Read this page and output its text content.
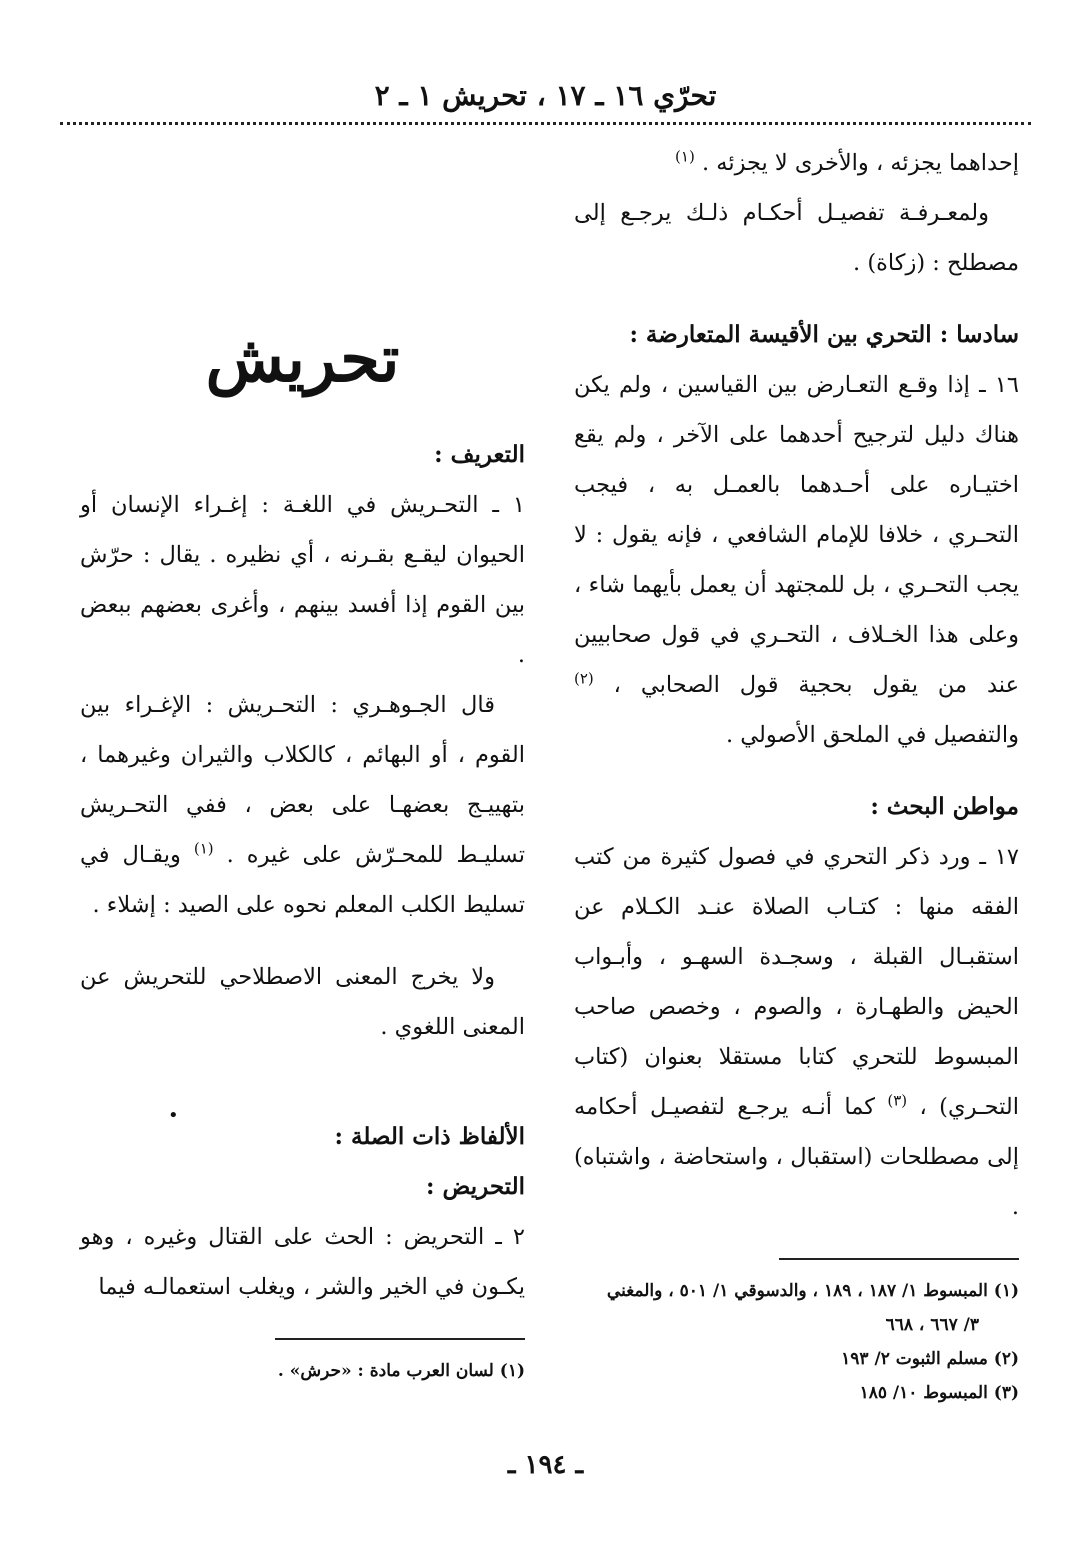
تحرّي ١٦ ـ ١٧ ، تحريش ١ ـ ٢

إحداهما يجزئه ، والأخرى لا يجزئه . $^{(١)}$

ولمعـرفـة تفصيـل أحكـام ذلـك يرجـع إلى مصطلح : (زكاة) .

سادسا : التحري بين الأقيسة المتعارضة :

١٦ ـ إذا وقـع التعـارض بين القياسين ، ولم يكن هناك دليل لترجيح أحدهما على الآخر ، ولم يقع اختيـاره على أحـدهما بالعمـل به ، فيجب التحـري ، خلافا للإمام الشافعي ، فإنه يقول : لا يجب التحـري ، بل للمجتهد أن يعمل بأيهما شاء ، وعلى هذا الخـلاف ، التحـري في قول صحابيين عند من يقول بحجية قول الصحابي ، $^{(٢)}$ والتفصيل في الملحق الأصولي .

مواطن البحث :

١٧ ـ ورد ذكر التحري في فصول كثيرة من كتب الفقه منها : كتـاب الصلاة عنـد الكـلام عن استقبـال القبلة ، وسجـدة السهـو ، وأبـواب الحيض والطهـارة ، والصوم ، وخصص صاحب المبسوط للتحري كتابا مستقلا بعنوان (كتاب التحـري) ، $^{(٣)}$ كما أنـه يرجـع لتفصيـل أحكامه إلى مصطلحات (استقبال ، واستحاضة ، واشتباه) .

(١) المبسوط ١/ ١٨٧ ، ١٨٩ ، والدسوقي ١/ ٥٠١ ، والمغني

٣/ ٦٦٧ ، ٦٦٨

(٢) مسلم الثبوت ٢/ ١٩٣

(٣) المبسوط ١٠/ ١٨٥

تحريش

التعريف :

١ ـ التحـريش في اللغـة : إغـراء الإنسان أو الحيوان ليقـع بقـرنه ، أي نظيره . يقال : حرّش بين القوم إذا أفسد بينهم ، وأغرى بعضهم ببعض .

قال الجـوهـري : التحـريش : الإغـراء بين القوم ، أو البهائم ، كالكلاب والثيران وغيرهما ، بتهييـج بعضهـا على بعض ، ففي التحـريش تسليـط للمحـرّش على غيره . $^{(١)}$ ويقـال في تسليط الكلب المعلم نحوه على الصيد : إشلاء .

ولا يخرج المعنى الاصطلاحي للتحريش عن المعنى اللغوي .

الألفاظ ذات الصلة :

التحريض :

٢ ـ التحريض : الحث على القتال وغيره ، وهو يكـون في الخير والشر ، ويغلب استعمالـه فيما

(١) لسان العرب مادة : «حرش» .

•
ـ ١٩٤ ـ
